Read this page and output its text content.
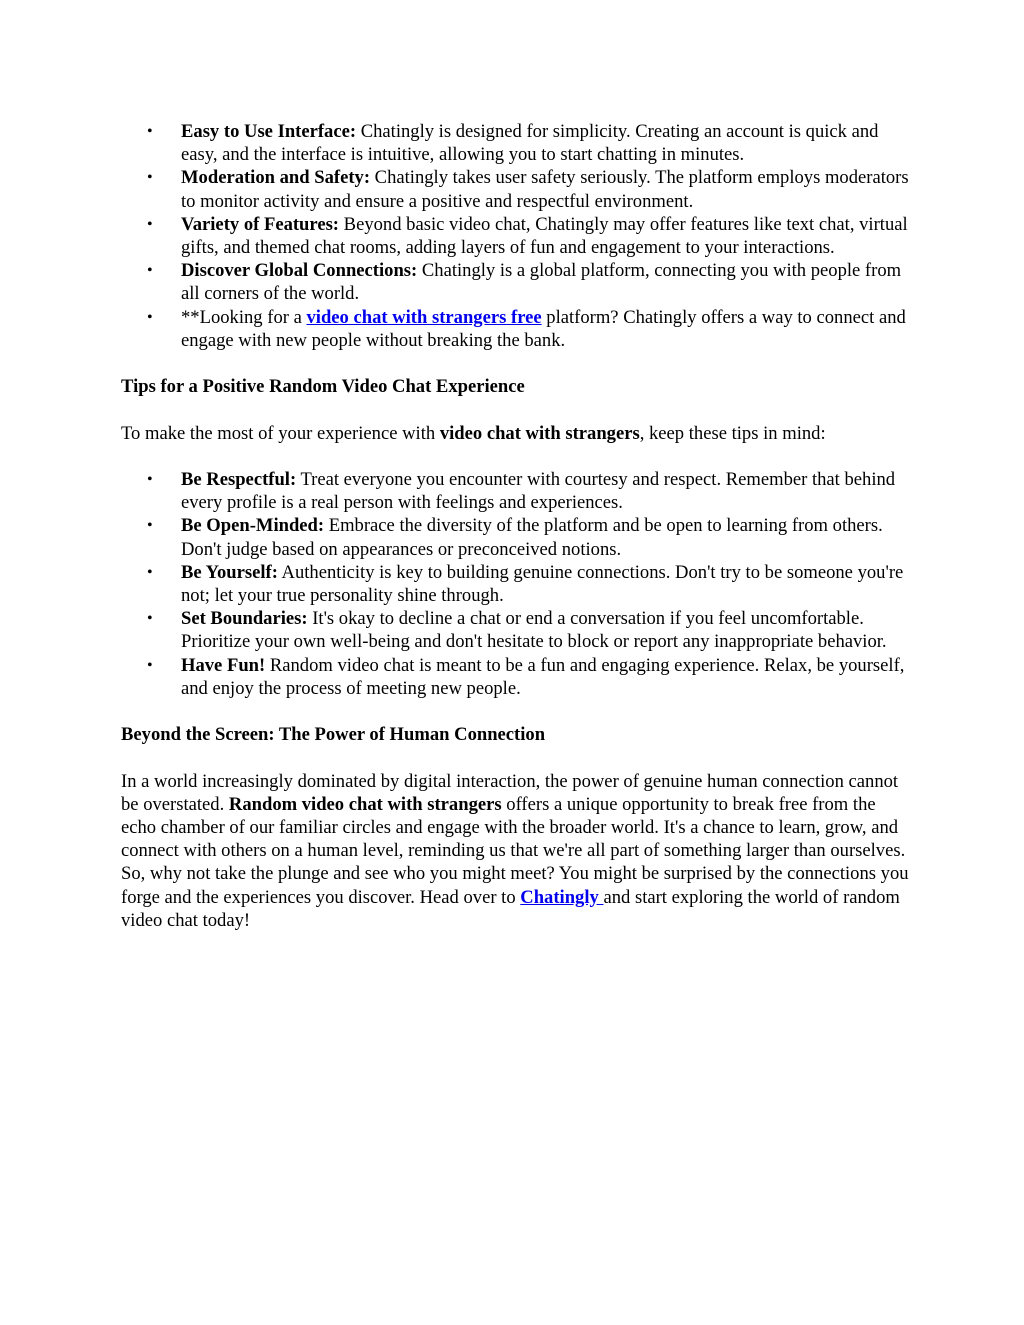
• Easy to Use Interface: Chatingly is designed for simplicity. Creating an account is quick and easy, and the interface is intuitive, allowing you to start chatting in minutes.
• Moderation and Safety: Chatingly takes user safety seriously. The platform employs moderators to monitor activity and ensure a positive and respectful environment.
• Variety of Features: Beyond basic video chat, Chatingly may offer features like text chat, virtual gifts, and themed chat rooms, adding layers of fun and engagement to your interactions.
• Discover Global Connections: Chatingly is a global platform, connecting you with people from all corners of the world.
• **Looking for a video chat with strangers free platform? Chatingly offers a way to connect and engage with new people without breaking the bank.

Tips for a Positive Random Video Chat Experience

To make the most of your experience with video chat with strangers, keep these tips in mind:

• Be Respectful: Treat everyone you encounter with courtesy and respect. Remember that behind every profile is a real person with feelings and experiences.
• Be Open-Minded: Embrace the diversity of the platform and be open to learning from others. Don't judge based on appearances or preconceived notions.
• Be Yourself: Authenticity is key to building genuine connections. Don't try to be someone you're not; let your true personality shine through.
• Set Boundaries: It's okay to decline a chat or end a conversation if you feel uncomfortable. Prioritize your own well-being and don't hesitate to block or report any inappropriate behavior.
• Have Fun! Random video chat is meant to be a fun and engaging experience. Relax, be yourself, and enjoy the process of meeting new people.

Beyond the Screen: The Power of Human Connection

In a world increasingly dominated by digital interaction, the power of genuine human connection cannot be overstated. Random video chat with strangers offers a unique opportunity to break free from the echo chamber of our familiar circles and engage with the broader world. It's a chance to learn, grow, and connect with others on a human level, reminding us that we're all part of something larger than ourselves. So, why not take the plunge and see who you might meet? You might be surprised by the connections you forge and the experiences you discover. Head over to Chatingly and start exploring the world of random video chat today!
